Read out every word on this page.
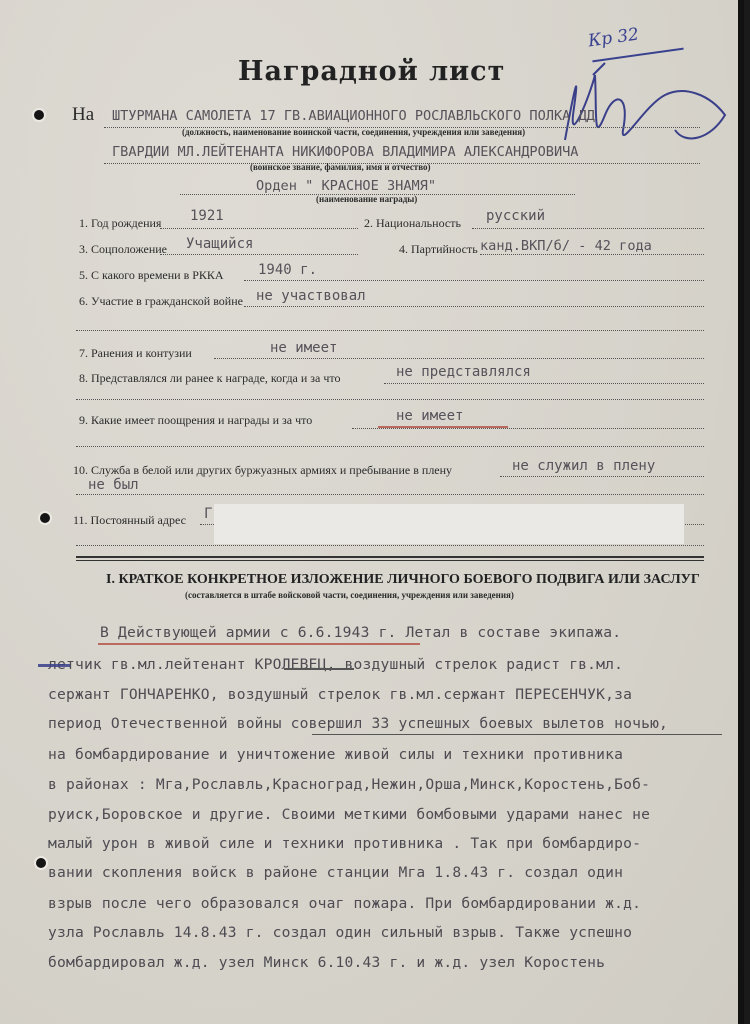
Кр 32
Наградной лист
На ШТУРМАНА САМОЛЕТА 17 ГВ.АВИАЦИОННОГО РОСЛАВЛЬСКОГО ПОЛКА ДД
(должность, наименование воинской части, соединения, учреждения или заведения)
ГВАРДИИ МЛ.ЛЕЙТЕНАНТА НИКИФОРОВА ВЛАДИМИРА АЛЕКСАНДРОВИЧА
(воинское звание, фамилия, имя и отчество)
Орден " КРАСНОЕ ЗНАМЯ"
(наименование награды)
1. Год рождения 1921	2. Национальность русский
3. Соцположение Учащийся	4. Партийность канд.ВКП/б/ - 42 года
5. С какого времени в РККА 1940 г.
6. Участие в гражданской войне не участвовал
7. Ранения и контузии	не имеет
8. Представлялся ли ранее к награде, когда и за что	не представлялся
9. Какие имеет поощрения и награды и за что	не имеет
10. Служба в белой или других буржуазных армиях и пребывание в плену	не служил в плену
не был
11. Постоянный адрес Г
I. КРАТКОЕ КОНКРЕТНОЕ ИЗЛОЖЕНИЕ ЛИЧНОГО БОЕВОГО ПОДВИГА ИЛИ ЗАСЛУГ
(составляется в штабе войсковой части, соединения, учреждения или заведения)
В Действующей армии с 6.6.1943 г. Летал в составе экипажа.
летчик гв.мл.лейтенант КРОЛЕВЕЦ, воздушный стрелок радист гв.мл.
сержант ГОНЧАРЕНКО, воздушный стрелок гв.мл.сержант ПЕРЕСЕНЧУК,за
период Отечественной войны совершил 33 успешных боевых вылетов ночью,
на бомбардирование и уничтожение живой силы и техники противника
в районах : Мга,Рославль,Красноград,Нежин,Орша,Минск,Коростень,Боб-
руиск,Боровское и другие. Своими меткими бомбовыми ударами нанес не
малый урон в живой силе и техники противника . Так при бомбардиро-
вании скопления войск в районе станции Мга 1.8.43 г. создал один
взрыв после чего образовался очаг пожара. При бомбардировании ж.д.
узла Рославль 14.8.43 г. создал один сильный взрыв. Также успешно
бомбардировал ж.д. узел Минск 6.10.43 г. и ж.д. узел Коростень
